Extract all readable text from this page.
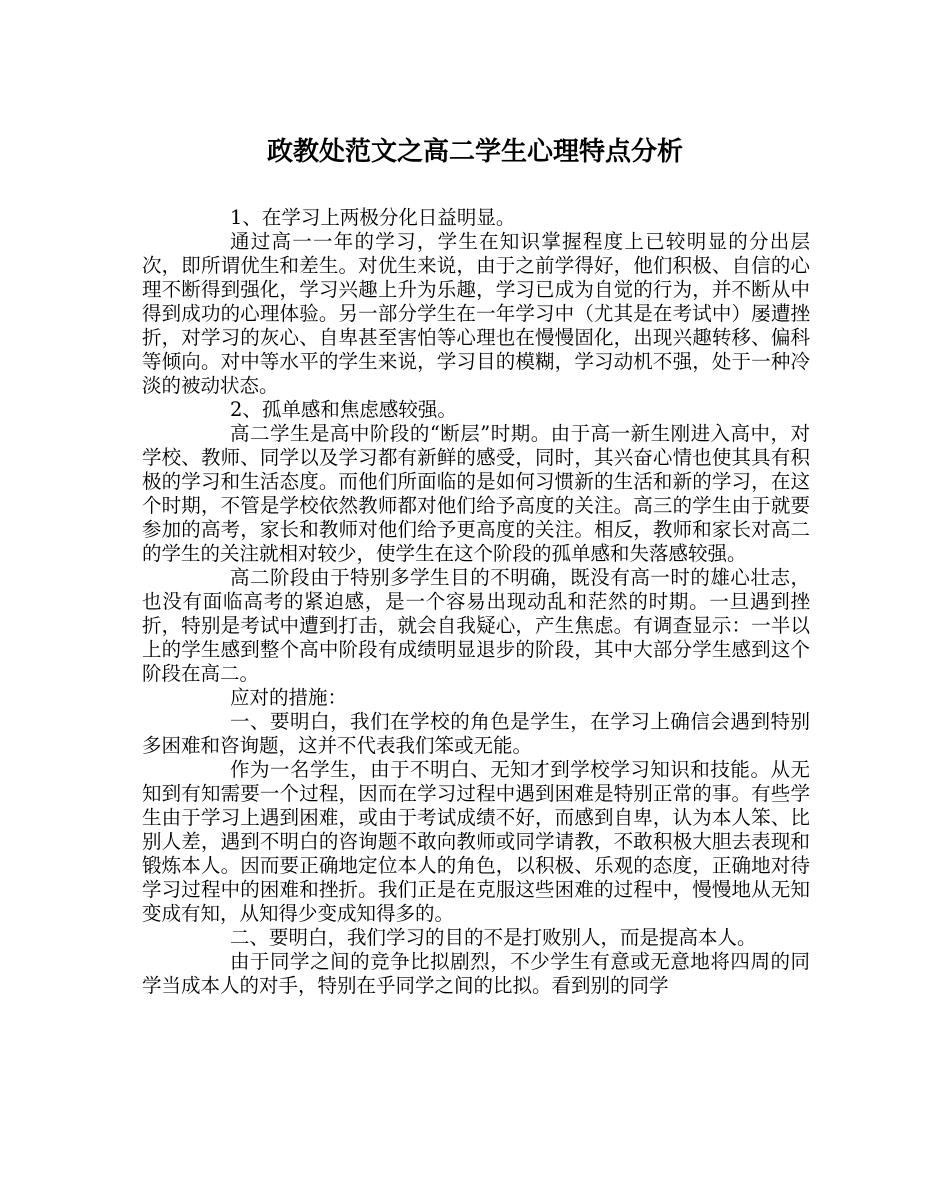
政教处范文之高二学生心理特点分析

1、在学习上两极分化日益明显。

通过高一一年的学习，学生在知识掌握程度上已较明显的分出层次，即所谓优生和差生。对优生来说，由于之前学得好，他们积极、自信的心理不断得到强化，学习兴趣上升为乐趣，学习已成为自觉的行为，并不断从中得到成功的心理体验。另一部分学生在一年学习中（尤其是在考试中）屡遭挫折，对学习的灰心、自卑甚至害怕等心理也在慢慢固化，出现兴趣转移、偏科等倾向。对中等水平的学生来说，学习目的模糊，学习动机不强，处于一种冷淡的被动状态。

2、孤单感和焦虑感较强。

高二学生是高中阶段的“断层”时期。由于高一新生刚进入高中，对学校、教师、同学以及学习都有新鲜的感受，同时，其兴奋心情也使其具有积极的学习和生活态度。而他们所面临的是如何习惯新的生活和新的学习，在这个时期，不管是学校依然教师都对他们给予高度的关注。高三的学生由于就要参加的高考，家长和教师对他们给予更高度的关注。相反，教师和家长对高二的学生的关注就相对较少，使学生在这个阶段的孤单感和失落感较强。

高二阶段由于特别多学生目的不明确，既没有高一时的雄心壮志，也没有面临高考的紧迫感，是一个容易出现动乱和茫然的时期。一旦遇到挫折，特别是考试中遭到打击，就会自我疑心，产生焦虑。有调查显示：一半以上的学生感到整个高中阶段有成绩明显退步的阶段，其中大部分学生感到这个阶段在高二。

应对的措施：

一、要明白，我们在学校的角色是学生，在学习上确信会遇到特别多困难和咨询题，这并不代表我们笨或无能。

作为一名学生，由于不明白、无知才到学校学习知识和技能。从无知到有知需要一个过程，因而在学习过程中遇到困难是特别正常的事。有些学生由于学习上遇到困难，或由于考试成绩不好，而感到自卑，认为本人笨、比别人差，遇到不明白的咨询题不敢向教师或同学请教，不敢积极大胆去表现和锻炼本人。因而要正确地定位本人的角色，以积极、乐观的态度，正确地对待学习过程中的困难和挫折。我们正是在克服这些困难的过程中，慢慢地从无知变成有知，从知得少变成知得多的。

二、要明白，我们学习的目的不是打败别人，而是提高本人。

由于同学之间的竞争比拟剧烈，不少学生有意或无意地将四周的同学当成本人的对手，特别在乎同学之间的比拟。看到别的同学
